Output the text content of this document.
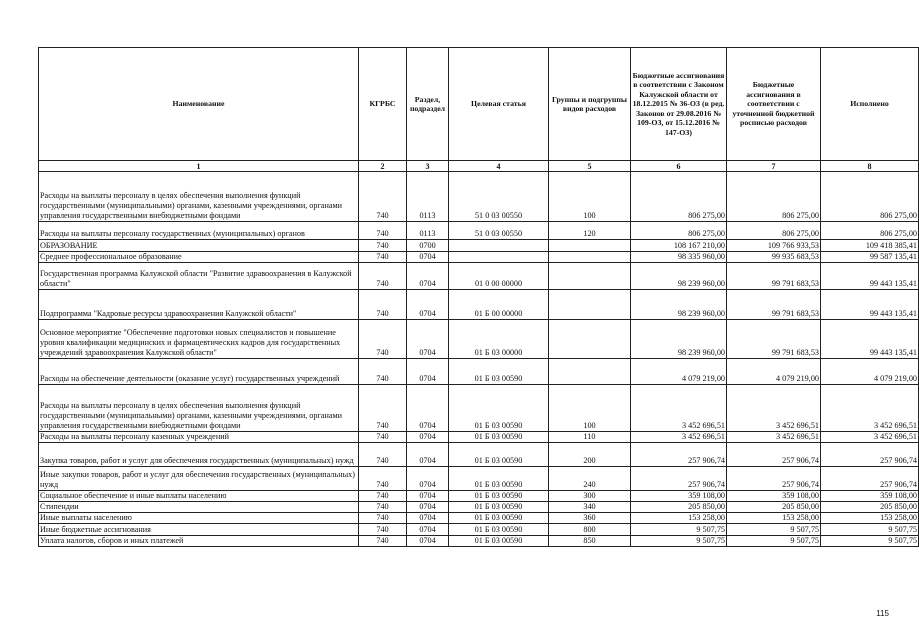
Наименование	КГРБС	Раздел, подраздел	Целевая статья	Группы и подгруппы видов расходов	Бюджетные ассигнования в соответствии с Законом Калужской области от 18.12.2015 № 36-ОЗ (в ред. Законов от 29.08.2016 № 109-ОЗ, от 15.12.2016 № 147-ОЗ)	Бюджетные ассигнования в соответствии с уточненной бюджетной росписью расходов	Исполнено
1	2	3	4	5	6	7	8
Расходы на выплаты персоналу в целях обеспечения выполнения функций государственными (муниципальными) органами, казенными учреждениями, органами управления государственными внебюджетными фондами	740	0113	51 0 03 00550	100	806 275,00	806 275,00	806 275,00
Расходы на выплаты персоналу государственных (муниципальных) органов	740	0113	51 0 03 00550	120	806 275,00	806 275,00	806 275,00
ОБРАЗОВАНИЕ	740	0700			108 167 210,00	109 766 933,53	109 418 385,41
Среднее профессиональное образование	740	0704			98 335 960,00	99 935 683,53	99 587 135,41
Государственная программа Калужской области "Развитие здравоохранения в Калужской области"	740	0704	01 0 00 00000		98 239 960,00	99 791 683,53	99 443 135,41
Подпрограмма "Кадровые ресурсы здравоохранения Калужской области"	740	0704	01 Б 00 00000		98 239 960,00	99 791 683,53	99 443 135,41
Основное мероприятие "Обеспечение подготовки новых специалистов и повышение уровня квалификации медицинских и фармацевтических кадров для государственных учреждений здравоохранения Калужской области"	740	0704	01 Б 03 00000		98 239 960,00	99 791 683,53	99 443 135,41
Расходы на обеспечение деятельности (оказание услуг) государственных учреждений	740	0704	01 Б 03 00590		4 079 219,00	4 079 219,00	4 079 219,00
Расходы на выплаты персоналу в целях обеспечения выполнения функций государственными (муниципальными) органами, казенными учреждениями, органами управления государственными внебюджетными фондами	740	0704	01 Б 03 00590	100	3 452 696,51	3 452 696,51	3 452 696,51
Расходы на выплаты персоналу казенных учреждений	740	0704	01 Б 03 00590	110	3 452 696,51	3 452 696,51	3 452 696,51
Закупка товаров, работ и услуг для обеспечения государственных (муниципальных) нужд	740	0704	01 Б 03 00590	200	257 906,74	257 906,74	257 906,74
Иные закупки товаров, работ и услуг для обеспечения государственных (муниципальных) нужд	740	0704	01 Б 03 00590	240	257 906,74	257 906,74	257 906,74
Социальное обеспечение и иные выплаты населению	740	0704	01 Б 03 00590	300	359 108,00	359 108,00	359 108,00
Стипендии	740	0704	01 Б 03 00590	340	205 850,00	205 850,00	205 850,00
Иные выплаты населению	740	0704	01 Б 03 00590	360	153 258,00	153 258,00	153 258,00
Иные бюджетные ассигнования	740	0704	01 Б 03 00590	800	9 507,75	9 507,75	9 507,75
Уплата налогов, сборов и иных платежей	740	0704	01 Б 03 00590	850	9 507,75	9 507,75	9 507,75
115
